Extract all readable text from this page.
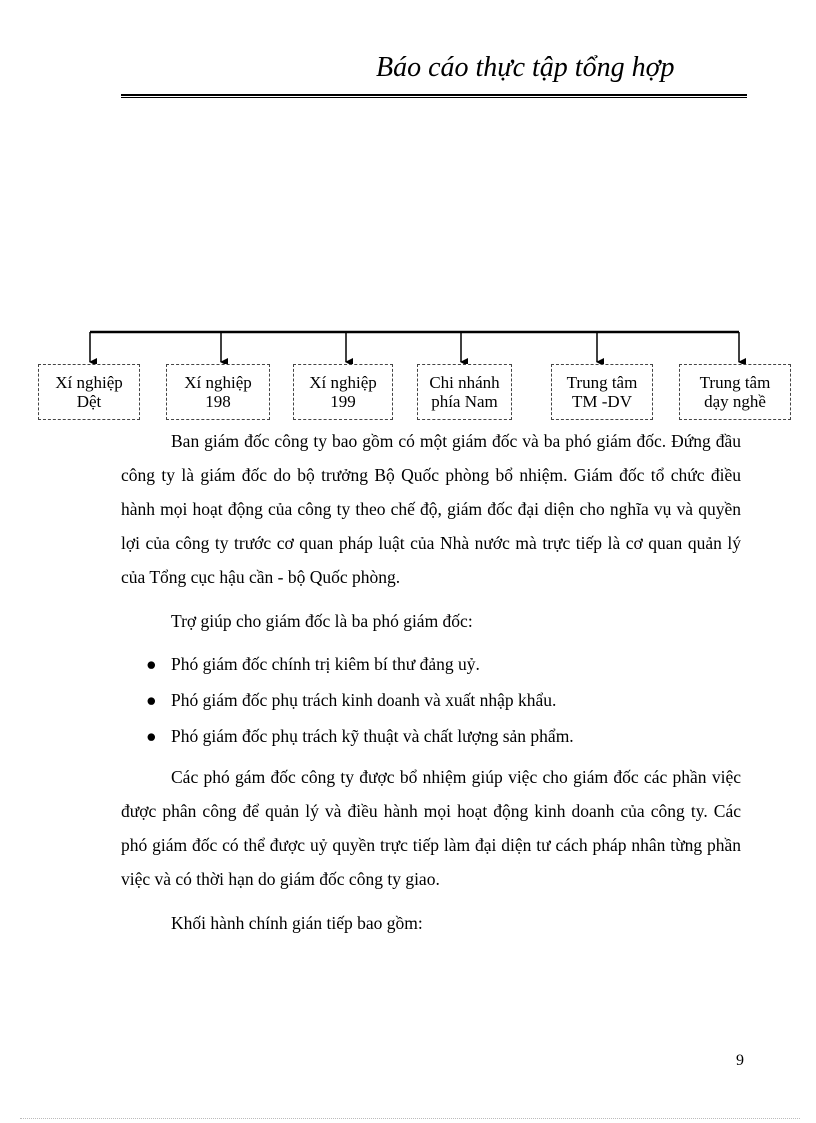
Báo cáo thực tập tổng hợp
Xí nghiệp
Dệt
Xí nghiệp
198
Xí nghiệp
199
Chi nhánh
phía Nam
Trung tâm
TM -DV
Trung tâm
dạy nghề

Ban giám đốc công ty bao gồm có một giám đốc và ba phó giám đốc. Đứng đầu công ty là giám đốc do bộ trưởng Bộ Quốc phòng bổ nhiệm. Giám đốc tổ chức điều hành mọi hoạt động của công ty theo chế độ, giám đốc đại diện cho nghĩa vụ và quyền lợi của công ty trước cơ quan pháp luật của Nhà nước mà trực tiếp là cơ quan quản lý của Tổng cục hậu cần - bộ Quốc phòng.

Trợ giúp cho giám đốc là ba phó giám đốc:

● Phó giám đốc chính trị kiêm bí thư đảng uỷ.
● Phó giám đốc phụ trách kinh doanh và xuất nhập khẩu.
● Phó giám đốc phụ trách kỹ thuật và chất lượng sản phẩm.

Các phó gám đốc công ty được bổ nhiệm giúp việc cho giám đốc các phần việc được phân công để quản lý và điều hành mọi hoạt động kinh doanh của công ty. Các phó giám đốc có thể được uỷ quyền trực tiếp làm đại diện tư cách pháp nhân từng phần việc và có thời hạn do giám đốc công ty giao.

Khối hành chính gián tiếp bao gồm:

9
